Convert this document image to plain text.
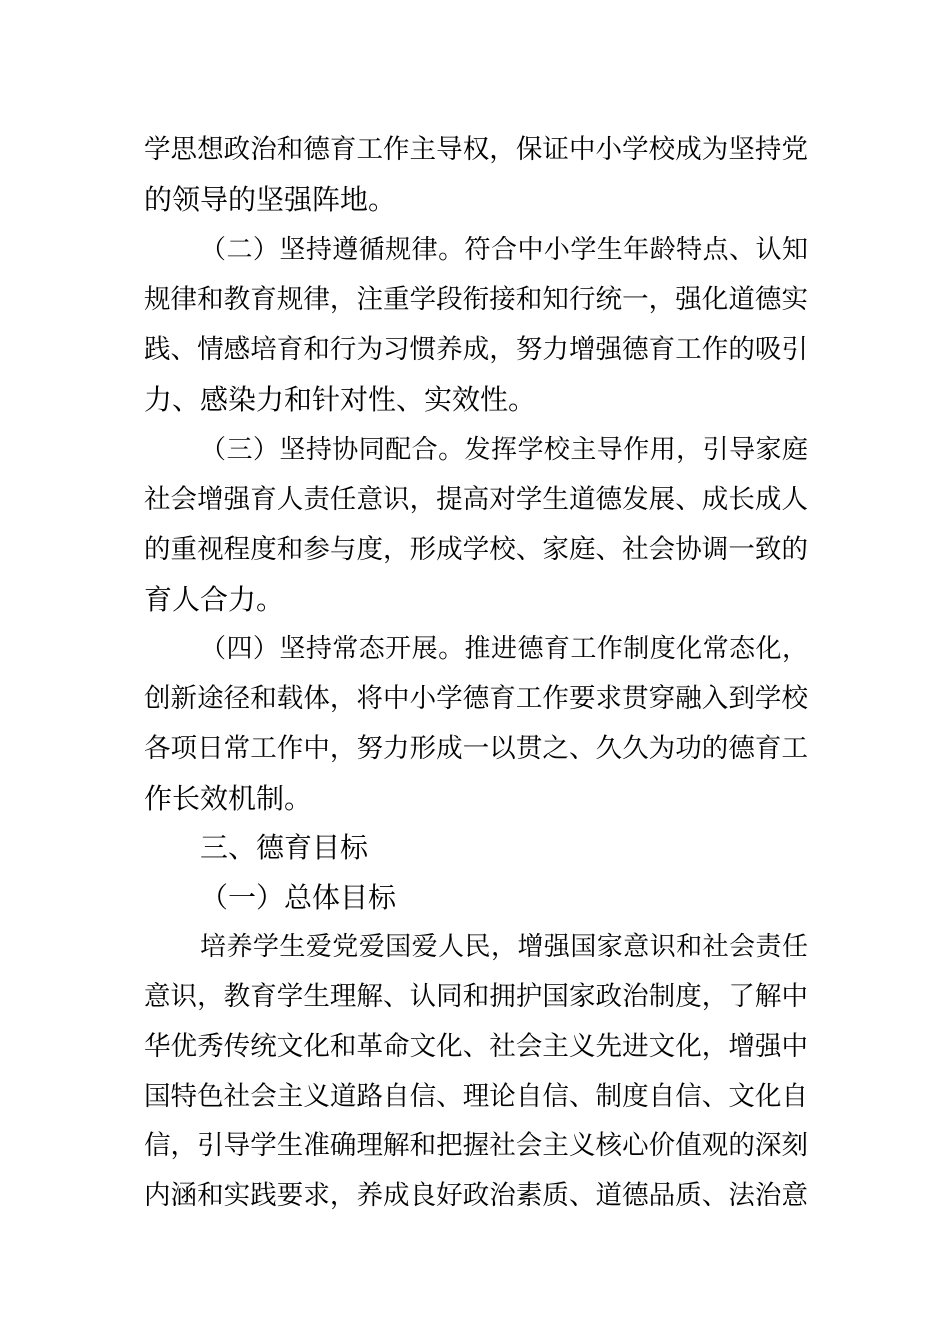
学思想政治和德育工作主导权，保证中小学校成为坚持党
的领导的坚强阵地。
（二）坚持遵循规律。符合中小学生年龄特点、认知
规律和教育规律，注重学段衔接和知行统一，强化道德实
践、情感培育和行为习惯养成，努力增强德育工作的吸引
力、感染力和针对性、实效性。
（三）坚持协同配合。发挥学校主导作用，引导家庭
社会增强育人责任意识，提高对学生道德发展、成长成人
的重视程度和参与度，形成学校、家庭、社会协调一致的
育人合力。
（四）坚持常态开展。推进德育工作制度化常态化，
创新途径和载体，将中小学德育工作要求贯穿融入到学校
各项日常工作中，努力形成一以贯之、久久为功的德育工
作长效机制。
三、德育目标
（一）总体目标
培养学生爱党爱国爱人民，增强国家意识和社会责任
意识，教育学生理解、认同和拥护国家政治制度，了解中
华优秀传统文化和革命文化、社会主义先进文化，增强中
国特色社会主义道路自信、理论自信、制度自信、文化自
信，引导学生准确理解和把握社会主义核心价值观的深刻
内涵和实践要求，养成良好政治素质、道德品质、法治意
